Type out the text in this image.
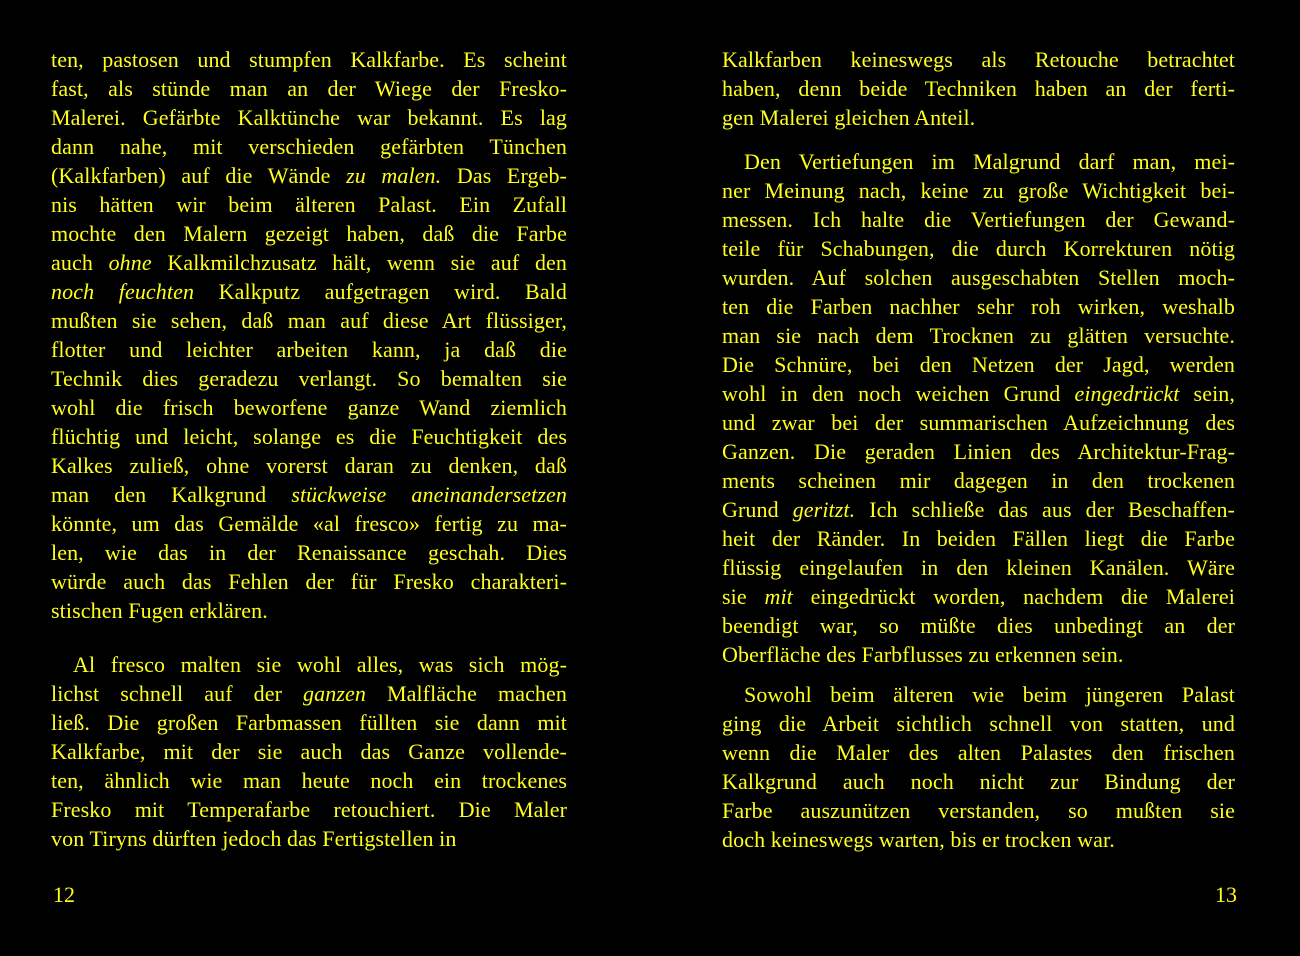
ten, pastosen und stumpfen Kalkfarbe. Es scheint
fast, als stünde man an der Wiege der Fresko-
Malerei. Gefärbte Kalktünche war bekannt. Es lag
dann nahe, mit verschieden gefärbten Tünchen
(Kalkfarben) auf die Wände zu malen. Das Ergeb-
nis hätten wir beim älteren Palast. Ein Zufall
mochte den Malern gezeigt haben, daß die Farbe
auch ohne Kalkmilchzusatz hält, wenn sie auf den
noch feuchten Kalkputz aufgetragen wird. Bald
mußten sie sehen, daß man auf diese Art flüssiger,
flotter und leichter arbeiten kann, ja daß die
Technik dies geradezu verlangt. So bemalten sie
wohl die frisch beworfene ganze Wand ziemlich
flüchtig und leicht, solange es die Feuchtigkeit des
Kalkes zuließ, ohne vorerst daran zu denken, daß
man den Kalkgrund stückweise aneinandersetzen
könnte, um das Gemälde «al fresco» fertig zu ma-
len, wie das in der Renaissance geschah. Dies
würde auch das Fehlen der für Fresko charakteri-
stischen Fugen erklären.
Al fresco malten sie wohl alles, was sich mög-
lichst schnell auf der ganzen Malfläche machen
ließ. Die großen Farbmassen füllten sie dann mit
Kalkfarbe, mit der sie auch das Ganze vollende-
ten, ähnlich wie man heute noch ein trockenes
Fresko mit Temperafarbe retouchiert. Die Maler
von Tiryns dürften jedoch das Fertigstellen in
12
Kalkfarben keineswegs als Retouche betrachtet
haben, denn beide Techniken haben an der ferti-
gen Malerei gleichen Anteil.
Den Vertiefungen im Malgrund darf man, mei-
ner Meinung nach, keine zu große Wichtigkeit bei-
messen. Ich halte die Vertiefungen der Gewand-
teile für Schabungen, die durch Korrekturen nötig
wurden. Auf solchen ausgeschabten Stellen moch-
ten die Farben nachher sehr roh wirken, weshalb
man sie nach dem Trocknen zu glätten versuchte.
Die Schnüre, bei den Netzen der Jagd, werden
wohl in den noch weichen Grund eingedrückt sein,
und zwar bei der summarischen Aufzeichnung des
Ganzen. Die geraden Linien des Architektur-Frag-
ments scheinen mir dagegen in den trockenen
Grund geritzt. Ich schließe das aus der Beschaffen-
heit der Ränder. In beiden Fällen liegt die Farbe
flüssig eingelaufen in den kleinen Kanälen. Wäre
sie mit eingedrückt worden, nachdem die Malerei
beendigt war, so müßte dies unbedingt an der
Oberfläche des Farbflusses zu erkennen sein.
Sowohl beim älteren wie beim jüngeren Palast
ging die Arbeit sichtlich schnell von statten, und
wenn die Maler des alten Palastes den frischen
Kalkgrund auch noch nicht zur Bindung der
Farbe auszunützen verstanden, so mußten sie
doch keineswegs warten, bis er trocken war.
13
